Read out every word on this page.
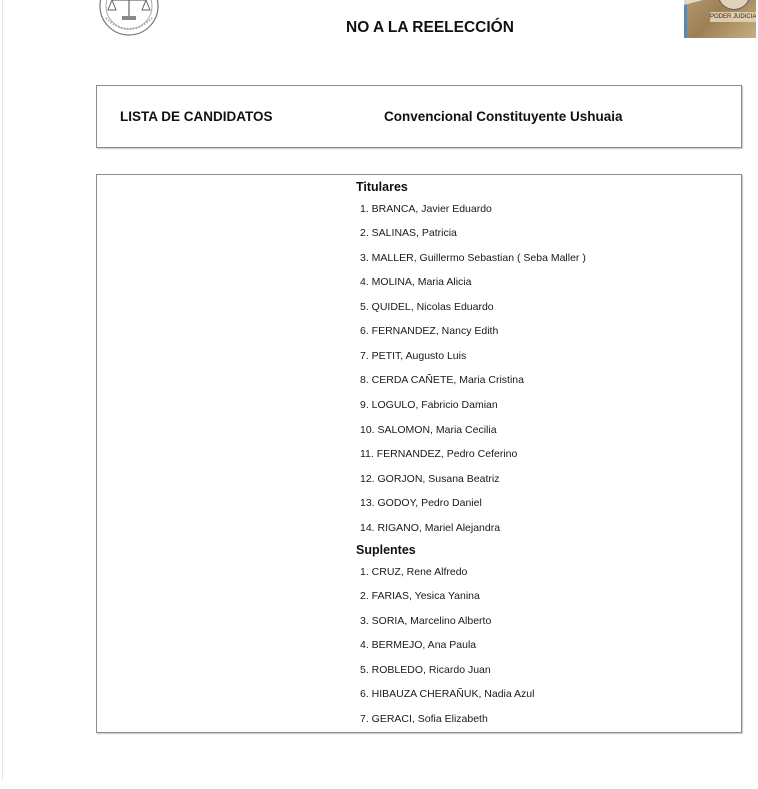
PODER JUDICIA
NO A LA REELECCIÓN
LISTA DE CANDIDATOS	Convencional Constituyente Ushuaia
Titulares
1. BRANCA, Javier Eduardo
2. SALINAS, Patricia
3. MALLER, Guillermo Sebastian ( Seba Maller )
4. MOLINA, Maria Alicia
5. QUIDEL, Nicolas Eduardo
6. FERNANDEZ, Nancy Edith
7. PETIT, Augusto Luis
8. CERDA CAÑETE, Maria Cristina
9. LOGULO, Fabricio Damian
10. SALOMON, Maria Cecilia
11. FERNANDEZ, Pedro Ceferino
12. GORJON, Susana Beatriz
13. GODOY, Pedro Daniel
14. RIGANO, Mariel Alejandra
Suplentes
1. CRUZ, Rene Alfredo
2. FARIAS, Yesica Yanina
3. SORIA, Marcelino Alberto
4. BERMEJO, Ana Paula
5. ROBLEDO, Ricardo Juan
6. HIBAUZA CHERAÑUK, Nadia Azul
7. GERACI, Sofia Elizabeth
